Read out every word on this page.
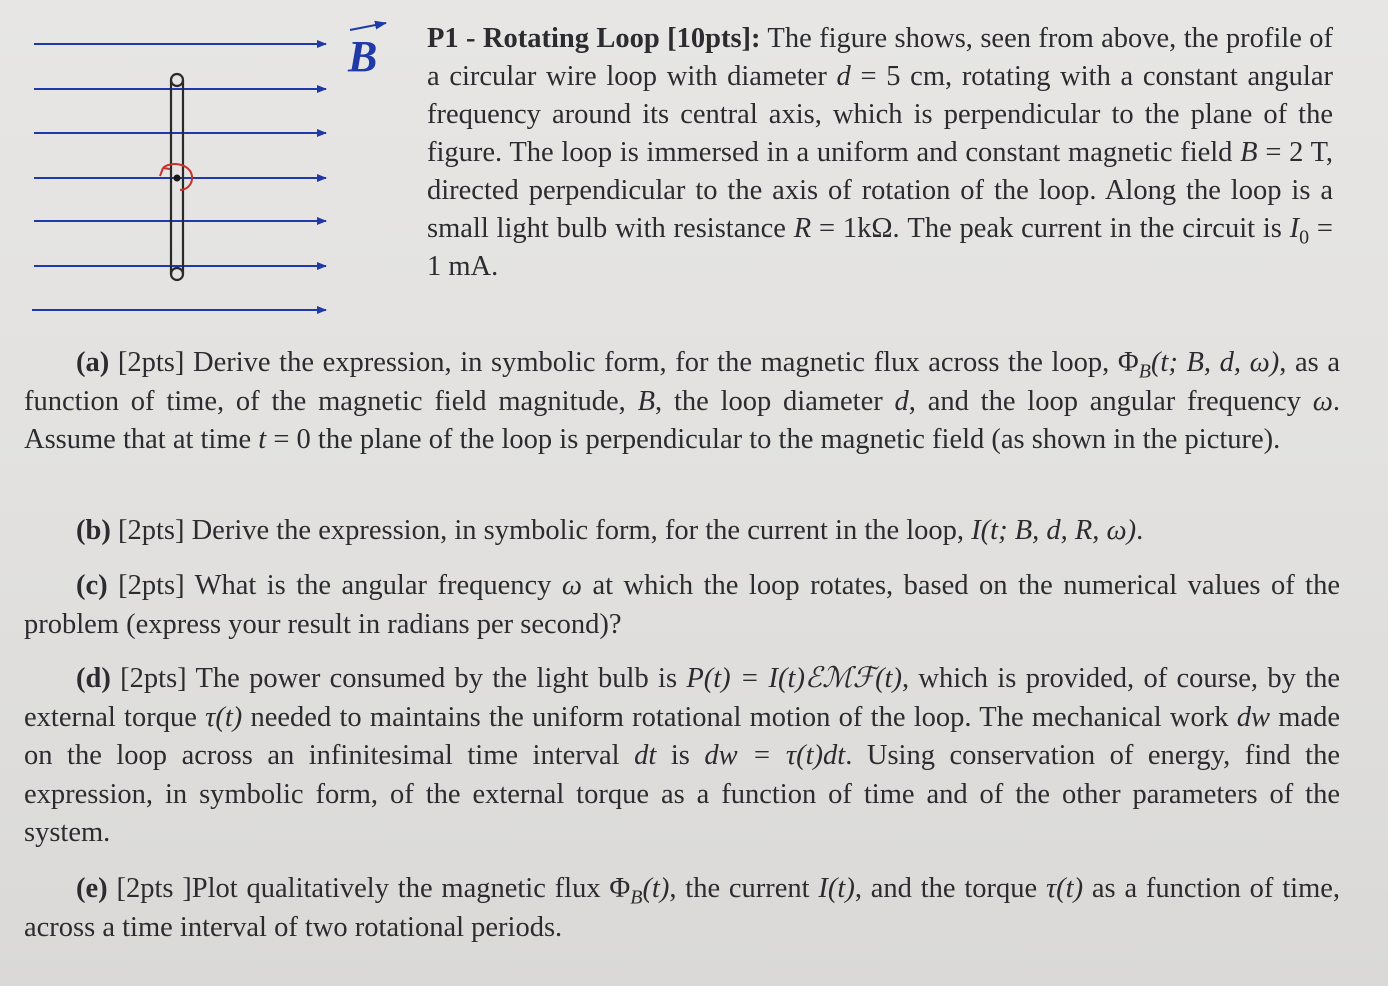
B P1 - Rotating Loop [10pts]: The figure shows, seen from above, the profile of a circular wire loop with diameter d = 5 cm, rotating with a constant angular frequency around its central axis, which is perpendicular to the plane of the figure. The loop is immersed in a uniform and constant magnetic field B = 2 T, directed perpendicular to the axis of rotation of the loop. Along the loop is a small light bulb with resistance R = 1kΩ. The peak current in the circuit is $I_0 = 1$ mA.
(a) [2pts] Derive the expression, in symbolic form, for the magnetic flux across the loop, $\Phi_B(t$; B, d, ω), as a function of time, of the magnetic field magnitude, B, the loop diameter d, and the loop angular frequency ω. Assume that at time t = 0 the plane of the loop is perpendicular to the magnetic field (as shown in the picture).
(b) [2pts] Derive the expression, in symbolic form, for the current in the loop, I(t; B, d, R, ω).
(c) [2pts] What is the angular frequency ω at which the loop rotates, based on the numerical values of the problem (express your result in radians per second)?
(d) [2pts] The power consumed by the light bulb is P(t) = I(t)ℰℳℱ(t), which is provided, of course, by the external torque τ(t) needed to maintains the uniform rotational motion of the loop. The mechanical work dw made on the loop across an infinitesimal time interval dt is dw = τ(t)dt. Using conservation of energy, find the expression, in symbolic form, of the external torque as a function of time and of the other parameters of the system.
(e) [2pts ]Plot qualitatively the magnetic flux $\Phi_B(t)$, the current I(t), and the torque τ(t) as a function of time, across a time interval of two rotational periods.
